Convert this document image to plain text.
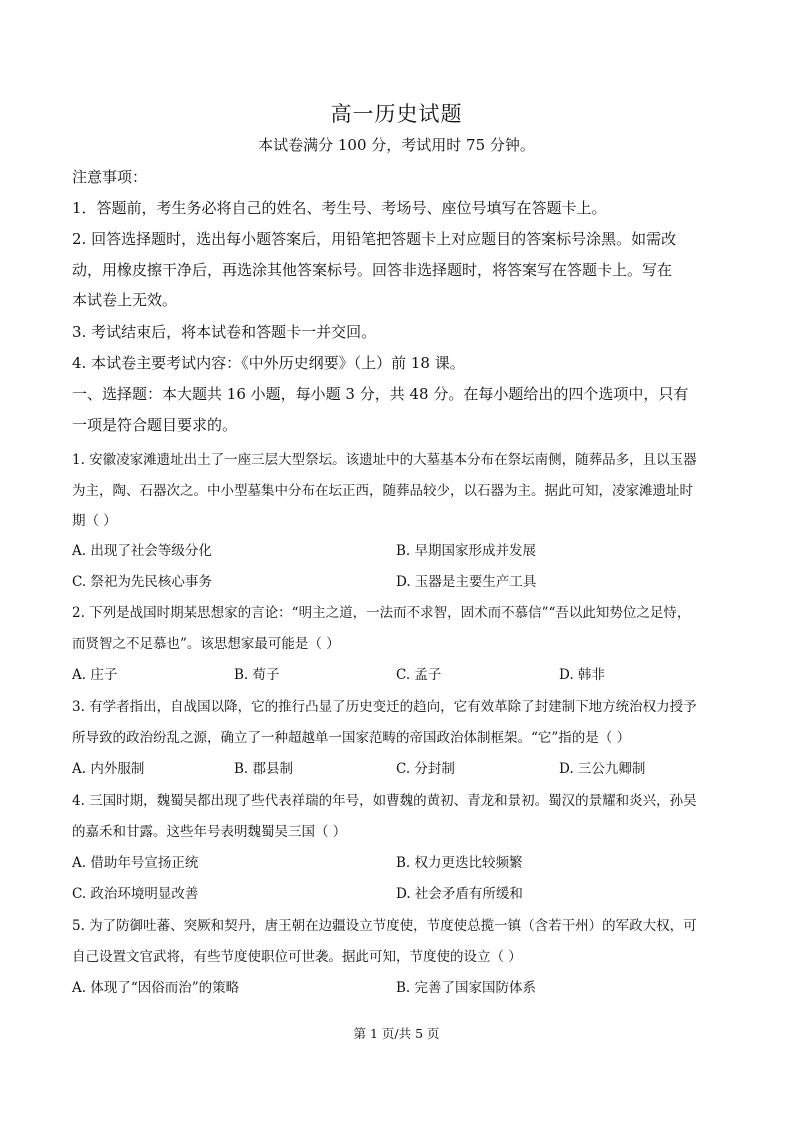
高一历史试题
本试卷满分 100 分，考试用时 75 分钟。
注意事项：
1．答题前，考生务必将自己的姓名、考生号、考场号、座位号填写在答题卡上。
2. 回答选择题时，选出每小题答案后，用铅笔把答题卡上对应题目的答案标号涂黑。如需改
动，用橡皮擦干净后，再选涂其他答案标号。回答非选择题时，将答案写在答题卡上。写在
本试卷上无效。
3. 考试结束后，将本试卷和答题卡一并交回。
4. 本试卷主要考试内容：《中外历史纲要》（上）前 18 课。
一、选择题：本大题共 16 小题，每小题 3 分，共 48 分。在每小题给出的四个选项中，只有
一项是符合题目要求的。
1. 安徽凌家滩遗址出土了一座三层大型祭坛。该遗址中的大墓基本分布在祭坛南侧，随葬品多，且以玉器
为主，陶、石器次之。中小型墓集中分布在坛正西，随葬品较少，以石器为主。据此可知，凌家滩遗址时
期（ ）
A. 出现了社会等级分化	B. 早期国家形成并发展
C. 祭祀为先民核心事务	D. 玉器是主要生产工具
2. 下列是战国时期某思想家的言论：“明主之道，一法而不求智，固术而不慕信”“吾以此知势位之足恃，
而贤智之不足慕也”。该思想家最可能是（ ）
A. 庄子	B. 荀子	C. 孟子	D. 韩非
3. 有学者指出，自战国以降，它的推行凸显了历史变迁的趋向，它有效革除了封建制下地方统治权力授予
所导致的政治纷乱之源，确立了一种超越单一国家范畴的帝国政治体制框架。“它”指的是（ ）
A. 内外服制	B. 郡县制	C. 分封制	D. 三公九卿制
4. 三国时期，魏蜀吴都出现了些代表祥瑞的年号，如曹魏的黄初、青龙和景初。蜀汉的景耀和炎兴，孙吴
的嘉禾和甘露。这些年号表明魏蜀吴三国（ ）
A. 借助年号宣扬正统	B. 权力更迭比较频繁
C. 政治环境明显改善	D. 社会矛盾有所缓和
5. 为了防御吐蕃、突厥和契丹，唐王朝在边疆设立节度使，节度使总揽一镇（含若干州）的军政大权，可
自己设置文官武将，有些节度使职位可世袭。据此可知，节度使的设立（ ）
A. 体现了“因俗而治”的策略	B. 完善了国家国防体系
第 1 页/共 5 页
